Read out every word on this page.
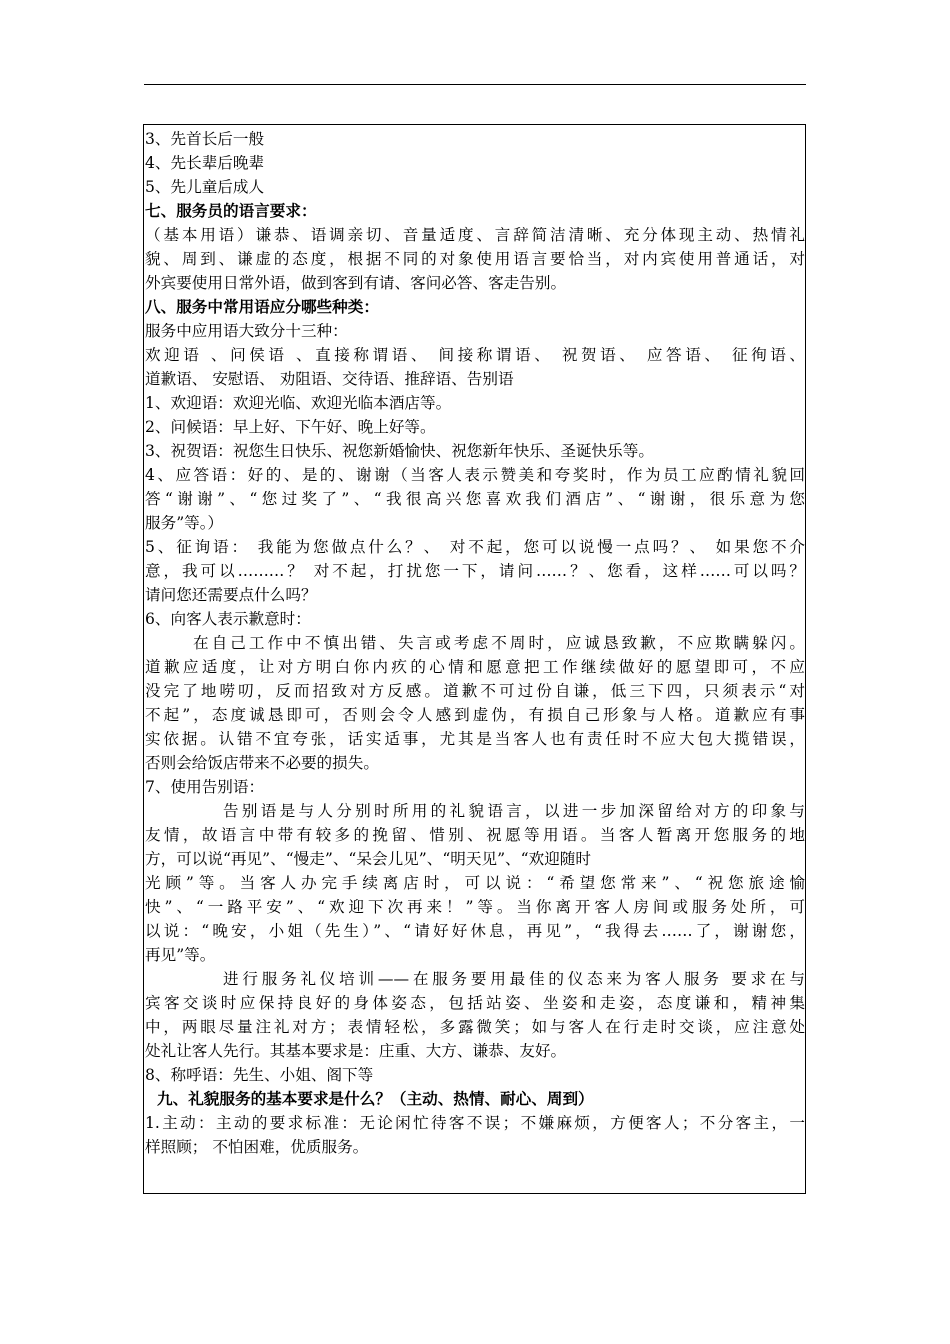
3、先首长后一般
4、先长辈后晚辈
5、先儿童后成人
七、服务员的语言要求：
（基本用语）谦恭、语调亲切、音量适度、言辞简洁清晰、充分体现主动、热情礼
貌、周到、谦虚的态度，根据不同的对象使用语言要恰当，对内宾使用普通话，对
外宾要使用日常外语，做到客到有请、客问必答、客走告别。
八、服务中常用语应分哪些种类：
服务中应用语大致分十三种：
欢迎语 、问侯语 、直接称谓语、 间接称谓语、 祝贺语、 应答语、 征徇语、
道歉语、 安慰语、 劝阻语、交待语、推辞语、告别语
1、欢迎语：欢迎光临、欢迎光临本酒店等。
2、问候语：早上好、下午好、晚上好等。
3、祝贺语：祝您生日快乐、祝您新婚愉快、祝您新年快乐、圣诞快乐等。
4、应答语：好的、是的、谢谢（当客人表示赞美和夸奖时，作为员工应酌情礼貌回
答“谢谢”、“您过奖了”、“我很高兴您喜欢我们酒店”、“谢谢，很乐意为您
服务”等。）
5、征询语： 我能为您做点什么？、 对不起，您可以说慢一点吗？、 如果您不介
意，我可以………？ 对不起，打扰您一下，请问……？、您看，这样……可以吗？
请问您还需要点什么吗？
6、向客人表示歉意时：
在自己工作中不慎出错、失言或考虑不周时，应诚恳致歉，不应欺瞒躲闪。
道歉应适度，让对方明白你内疚的心情和愿意把工作继续做好的愿望即可，不应
没完了地唠叨，反而招致对方反感。道歉不可过份自谦，低三下四，只须表示“对
不起”，态度诚恳即可，否则会令人感到虚伪，有损自己形象与人格。道歉应有事
实依据。认错不宜夸张，话实适事，尤其是当客人也有责任时不应大包大揽错误，
否则会给饭店带来不必要的损失。
7、使用告别语：
告别语是与人分别时所用的礼貌语言，以进一步加深留给对方的印象与
友情，故语言中带有较多的挽留、惜别、祝愿等用语。当客人暂离开您服务的地
方，可以说“再见”、“慢走”、“呆会儿见”、“明天见”、“欢迎随时
光顾”等。当客人办完手续离店时，可以说：“希望您常来”、“祝您旅途愉
快”、“一路平安”、“欢迎下次再来！”等。当你离开客人房间或服务处所，可
以说：“晚安，小姐（先生）”、“请好好休息，再见”，“我得去……了，谢谢您，
再见”等。
进行服务礼仪培训——在服务要用最佳的仪态来为客人服务 要求在与
宾客交谈时应保持良好的身体姿态，包括站姿、坐姿和走姿，态度谦和，精神集
中，两眼尽量注礼对方；表情轻松，多露微笑；如与客人在行走时交谈，应注意处
处礼让客人先行。其基本要求是：庄重、大方、谦恭、友好。
8、称呼语：先生、小姐、阁下等
九、礼貌服务的基本要求是什么？（主动、热情、耐心、周到）
1.主动：主动的要求标准：无论闲忙待客不误；不嫌麻烦，方便客人；不分客主，一
样照顾； 不怕困难，优质服务。
